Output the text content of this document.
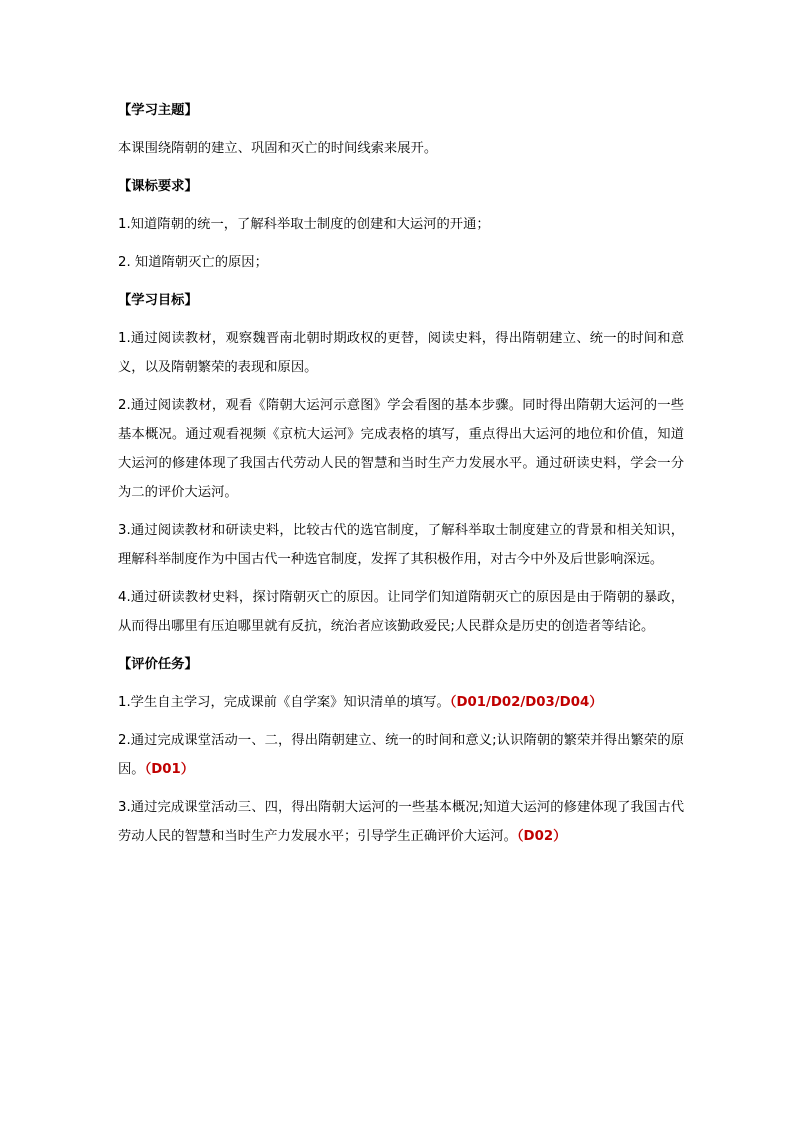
【学习主题】
本课围绕隋朝的建立、巩固和灭亡的时间线索来展开。
【课标要求】
1.知道隋朝的统一，了解科举取士制度的创建和大运河的开通；
2. 知道隋朝灭亡的原因；
【学习目标】
1.通过阅读教材，观察魏晋南北朝时期政权的更替，阅读史料，得出隋朝建立、统一的时间和意义，以及隋朝繁荣的表现和原因。
2.通过阅读教材，观看《隋朝大运河示意图》学会看图的基本步骤。同时得出隋朝大运河的一些基本概况。通过观看视频《京杭大运河》完成表格的填写，重点得出大运河的地位和价值，知道大运河的修建体现了我国古代劳动人民的智慧和当时生产力发展水平。通过研读史料，学会一分为二的评价大运河。
3.通过阅读教材和研读史料，比较古代的选官制度，了解科举取士制度建立的背景和相关知识，理解科举制度作为中国古代一种选官制度，发挥了其积极作用，对古今中外及后世影响深远。
4.通过研读教材史料，探讨隋朝灭亡的原因。让同学们知道隋朝灭亡的原因是由于隋朝的暴政，从而得出哪里有压迫哪里就有反抗，统治者应该勤政爱民;人民群众是历史的创造者等结论。
【评价任务】
1.学生自主学习，完成课前《自学案》知识清单的填写。（D01/D02/D03/D04）
2.通过完成课堂活动一、二，得出隋朝建立、统一的时间和意义;认识隋朝的繁荣并得出繁荣的原因。（D01）
3.通过完成课堂活动三、四，得出隋朝大运河的一些基本概况;知道大运河的修建体现了我国古代劳动人民的智慧和当时生产力发展水平；引导学生正确评价大运河。（D02）
